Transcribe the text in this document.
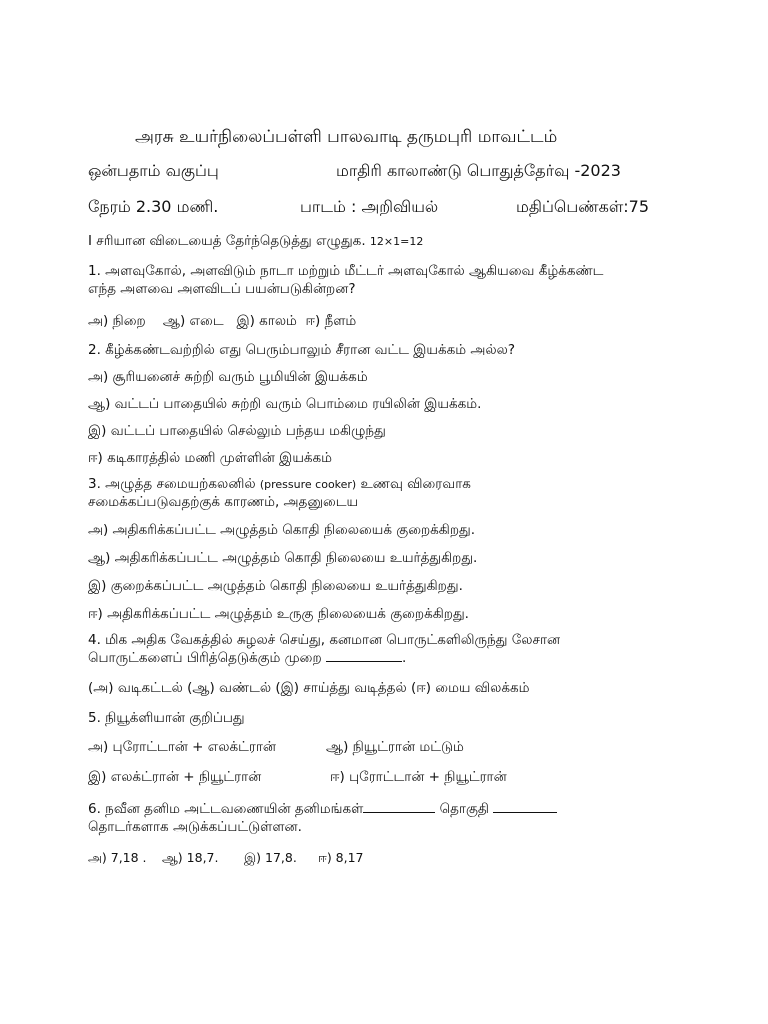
அரசு உயர்நிலைப்பள்ளி பாலவாடி தருமபுரி மாவட்டம்
ஒன்பதாம் வகுப்பு	மாதிரி காலாண்டு பொதுத்தேர்வு -2023
நேரம் 2.30 மணி.	பாடம் : அறிவியல்	மதிப்பெண்கள்:75
I சரியான விடையைத் தேர்ந்தெடுத்து எழுதுக. 12×1=12
1. அளவுகோல், அளவிடும் நாடா மற்றும் மீட்டர் அளவுகோல் ஆகியவை கீழ்க்கண்ட
எந்த அளவை அளவிடப் பயன்படுகின்றன?
அ) நிறை ஆ) எடை இ) காலம் ஈ) நீளம்
2. கீழ்க்கண்டவற்றில் எது பெரும்பாலும் சீரான வட்ட இயக்கம் அல்ல?
அ) சூரியனைச் சுற்றி வரும் பூமியின் இயக்கம்
ஆ) வட்டப் பாதையில் சுற்றி வரும் பொம்மை ரயிலின் இயக்கம்.
இ) வட்டப் பாதையில் செல்லும் பந்தய மகிழுந்து
ஈ) கடிகாரத்தில் மணி முள்ளின் இயக்கம்
3. அழுத்த சமையற்கலனில் (pressure cooker) உணவு விரைவாக
சமைக்கப்படுவதற்குக் காரணம், அதனுடைய
அ) அதிகரிக்கப்பட்ட அழுத்தம் கொதி நிலையைக் குறைக்கிறது.
ஆ) அதிகரிக்கப்பட்ட அழுத்தம் கொதி நிலையை உயர்த்துகிறது.
இ) குறைக்கப்பட்ட அழுத்தம் கொதி நிலையை உயர்த்துகிறது.
ஈ) அதிகரிக்கப்பட்ட அழுத்தம் உருகு நிலையைக் குறைக்கிறது.
4. மிக அதிக வேகத்தில் சுழலச் செய்து, கனமான பொருட்களிலிருந்து லேசான
பொருட்களைப் பிரித்தெடுக்கும் முறை	.
(அ) வடிகட்டல் (ஆ) வண்டல் (இ) சாய்த்து வடித்தல் (ஈ) மைய விலக்கம்
5. நியூக்ளியான் குறிப்பது
அ) புரோட்டான் + எலக்ட்ரான்	ஆ) நியூட்ரான் மட்டும்
இ) எலக்ட்ரான் + நியூட்ரான்	ஈ) புரோட்டான் + நியூட்ரான்
6. நவீன தனிம அட்டவணையின் தனிமங்கள்	தொகுதி
தொடர்களாக அடுக்கப்பட்டுள்ளன.
அ) 7,18 . ஆ) 18,7. இ) 17,8. ஈ) 8,17
